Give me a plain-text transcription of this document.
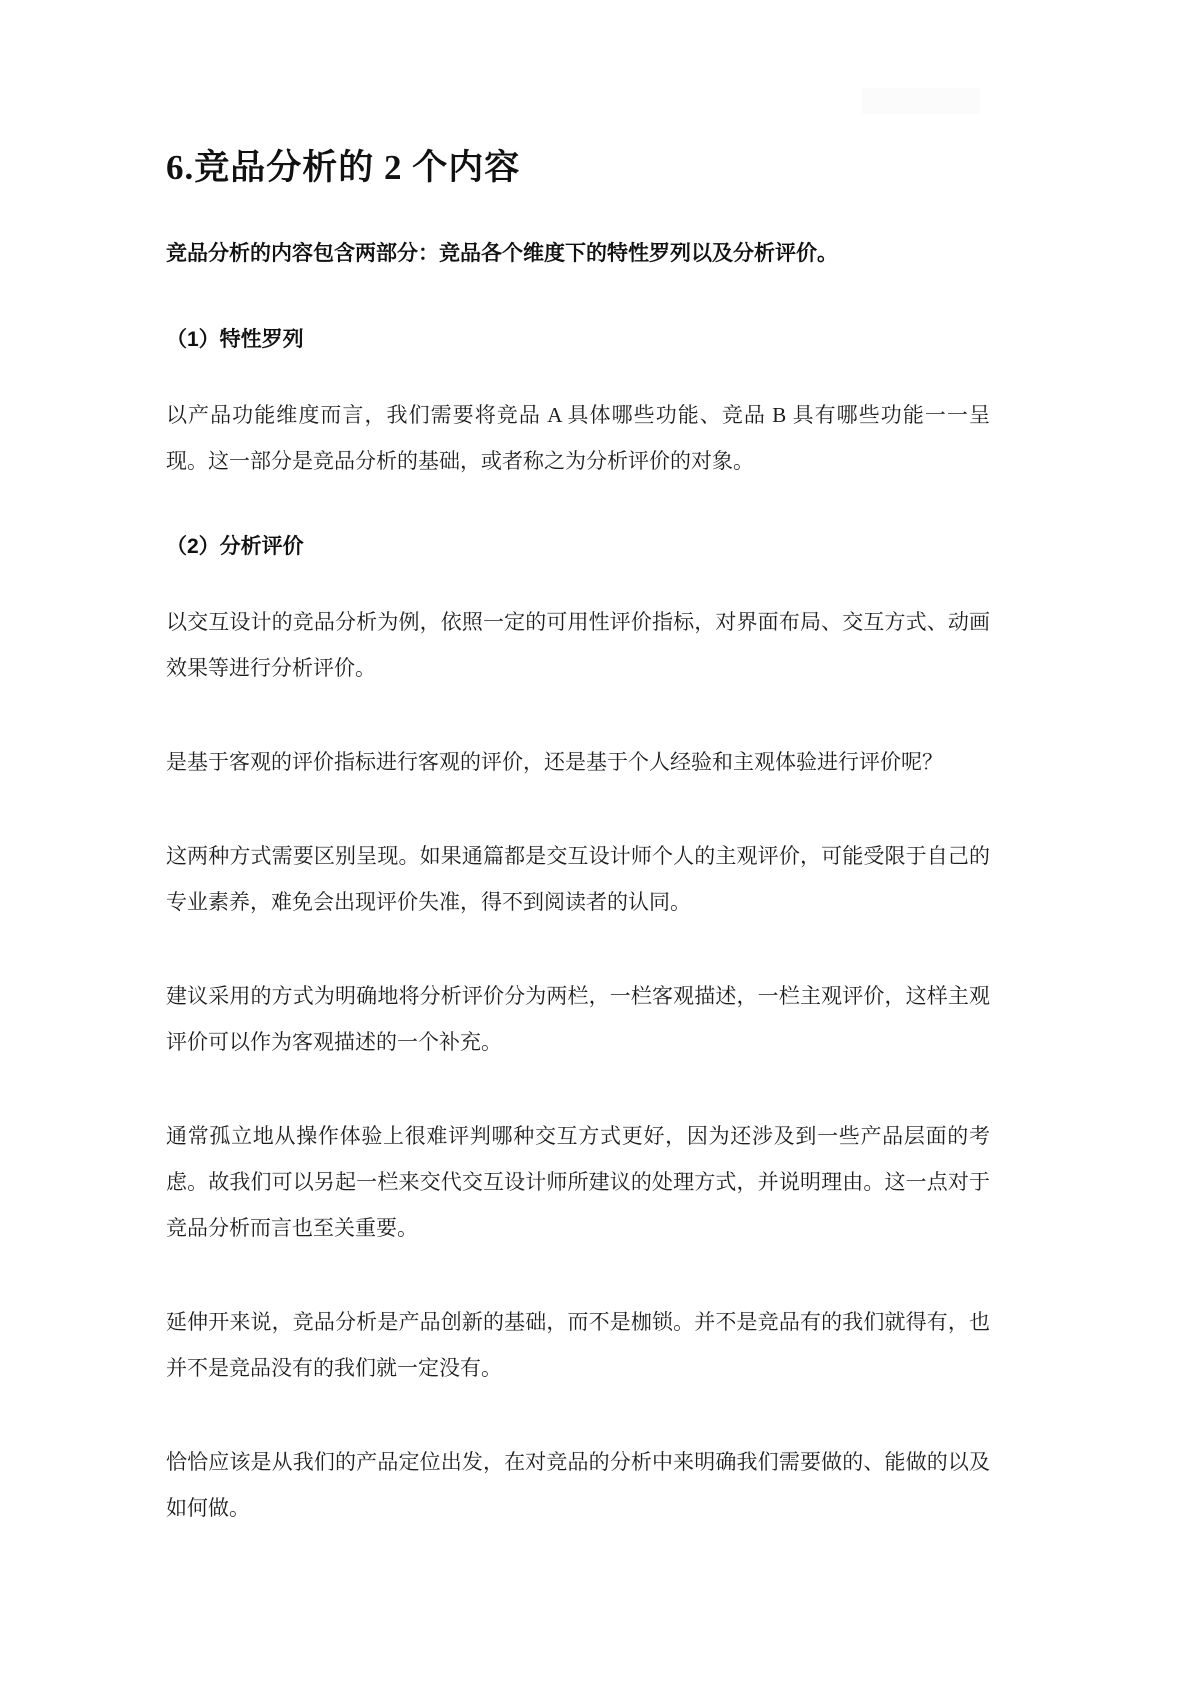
6.竞品分析的 2 个内容

竞品分析的内容包含两部分：竞品各个维度下的特性罗列以及分析评价。

（1）特性罗列

以产品功能维度而言，我们需要将竞品 A 具体哪些功能、竞品 B 具有哪些功能一一呈现。这一部分是竞品分析的基础，或者称之为分析评价的对象。

（2）分析评价

以交互设计的竞品分析为例，依照一定的可用性评价指标，对界面布局、交互方式、动画效果等进行分析评价。

是基于客观的评价指标进行客观的评价，还是基于个人经验和主观体验进行评价呢？

这两种方式需要区别呈现。如果通篇都是交互设计师个人的主观评价，可能受限于自己的专业素养，难免会出现评价失准，得不到阅读者的认同。

建议采用的方式为明确地将分析评价分为两栏，一栏客观描述，一栏主观评价，这样主观评价可以作为客观描述的一个补充。

通常孤立地从操作体验上很难评判哪种交互方式更好，因为还涉及到一些产品层面的考虑。故我们可以另起一栏来交代交互设计师所建议的处理方式，并说明理由。这一点对于竞品分析而言也至关重要。

延伸开来说，竞品分析是产品创新的基础，而不是枷锁。并不是竞品有的我们就得有，也并不是竞品没有的我们就一定没有。

恰恰应该是从我们的产品定位出发，在对竞品的分析中来明确我们需要做的、能做的以及如何做。
